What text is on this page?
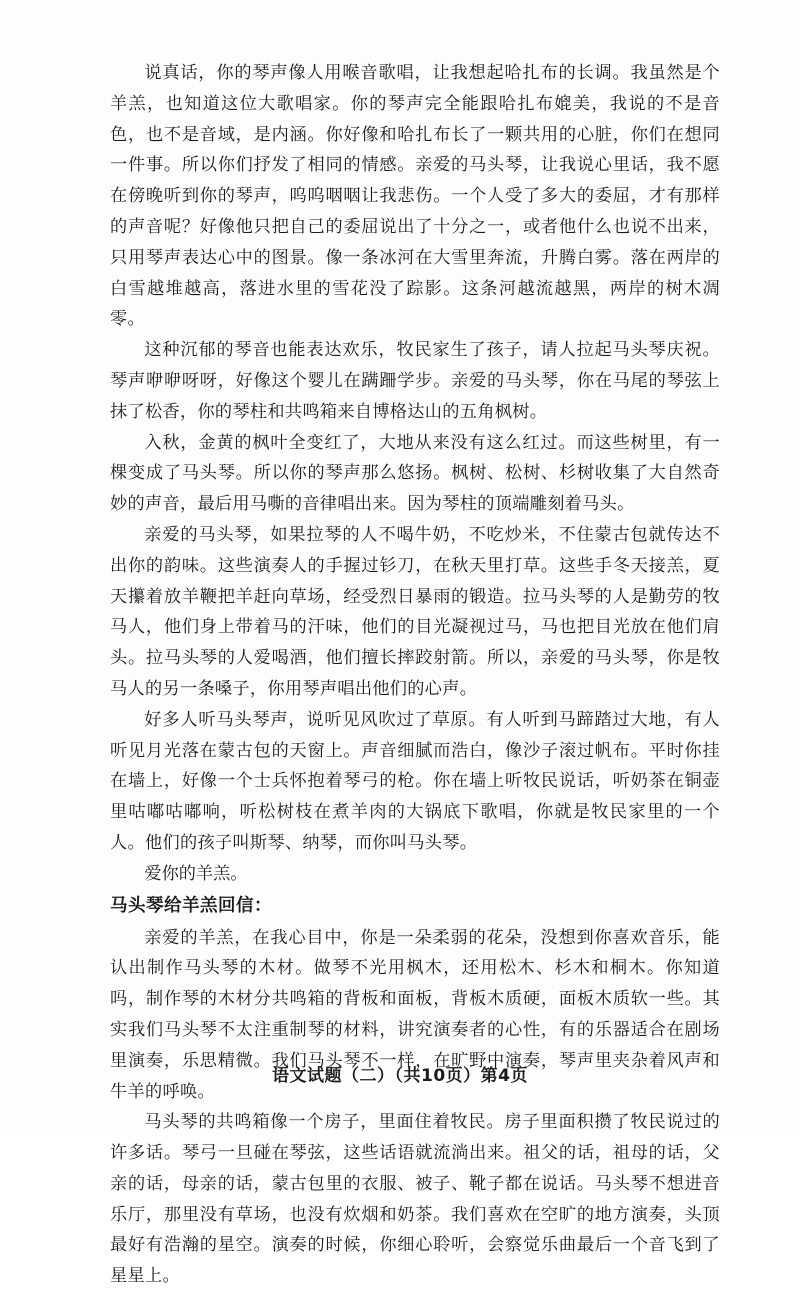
说真话，你的琴声像人用喉音歌唱，让我想起哈扎布的长调。我虽然是个羊羔，也知道这位大歌唱家。你的琴声完全能跟哈扎布媲美，我说的不是音色，也不是音域，是内涵。你好像和哈扎布长了一颗共用的心脏，你们在想同一件事。所以你们抒发了相同的情感。亲爱的马头琴，让我说心里话，我不愿在傍晚听到你的琴声，呜呜咽咽让我悲伤。一个人受了多大的委屈，才有那样的声音呢？好像他只把自己的委屈说出了十分之一，或者他什么也说不出来，只用琴声表达心中的图景。像一条冰河在大雪里奔流，升腾白雾。落在两岸的白雪越堆越高，落进水里的雪花没了踪影。这条河越流越黑，两岸的树木凋零。

这种沉郁的琴音也能表达欢乐，牧民家生了孩子，请人拉起马头琴庆祝。琴声咿咿呀呀，好像这个婴儿在蹒跚学步。亲爱的马头琴，你在马尾的琴弦上抹了松香，你的琴柱和共鸣箱来自博格达山的五角枫树。

入秋，金黄的枫叶全变红了，大地从来没有这么红过。而这些树里，有一棵变成了马头琴。所以你的琴声那么悠扬。枫树、松树、杉树收集了大自然奇妙的声音，最后用马嘶的音律唱出来。因为琴柱的顶端雕刻着马头。

亲爱的马头琴，如果拉琴的人不喝牛奶，不吃炒米，不住蒙古包就传达不出你的韵味。这些演奏人的手握过钐刀，在秋天里打草。这些手冬天接羔，夏天攥着放羊鞭把羊赶向草场，经受烈日暴雨的锻造。拉马头琴的人是勤劳的牧马人，他们身上带着马的汗味，他们的目光凝视过马，马也把目光放在他们肩头。拉马头琴的人爱喝酒，他们擅长摔跤射箭。所以，亲爱的马头琴，你是牧马人的另一条嗓子，你用琴声唱出他们的心声。

好多人听马头琴声，说听见风吹过了草原。有人听到马蹄踏过大地，有人听见月光落在蒙古包的天窗上。声音细腻而浩白，像沙子滚过帆布。平时你挂在墙上，好像一个士兵怀抱着琴弓的枪。你在墙上听牧民说话，听奶茶在铜壶里咕嘟咕嘟响，听松树枝在煮羊肉的大锅底下歌唱，你就是牧民家里的一个人。他们的孩子叫斯琴、纳琴，而你叫马头琴。

爱你的羊羔。

马头琴给羊羔回信：

亲爱的羊羔，在我心目中，你是一朵柔弱的花朵，没想到你喜欢音乐，能认出制作马头琴的木材。做琴不光用枫木，还用松木、杉木和桐木。你知道吗，制作琴的木材分共鸣箱的背板和面板，背板木质硬，面板木质软一些。其实我们马头琴不太注重制琴的材料，讲究演奏者的心性，有的乐器适合在剧场里演奏，乐思精微。我们马头琴不一样，在旷野中演奏，琴声里夹杂着风声和牛羊的呼唤。

马头琴的共鸣箱像一个房子，里面住着牧民。房子里面积攒了牧民说过的许多话。琴弓一旦碰在琴弦，这些话语就流淌出来。祖父的话，祖母的话，父亲的话，母亲的话，蒙古包里的衣服、被子、靴子都在说话。马头琴不想进音乐厅，那里没有草场，也没有炊烟和奶茶。我们喜欢在空旷的地方演奏，头顶最好有浩瀚的星空。演奏的时候，你细心聆听，会察觉乐曲最后一个音飞到了星星上。

语文试题（二）（共10页）第4页
